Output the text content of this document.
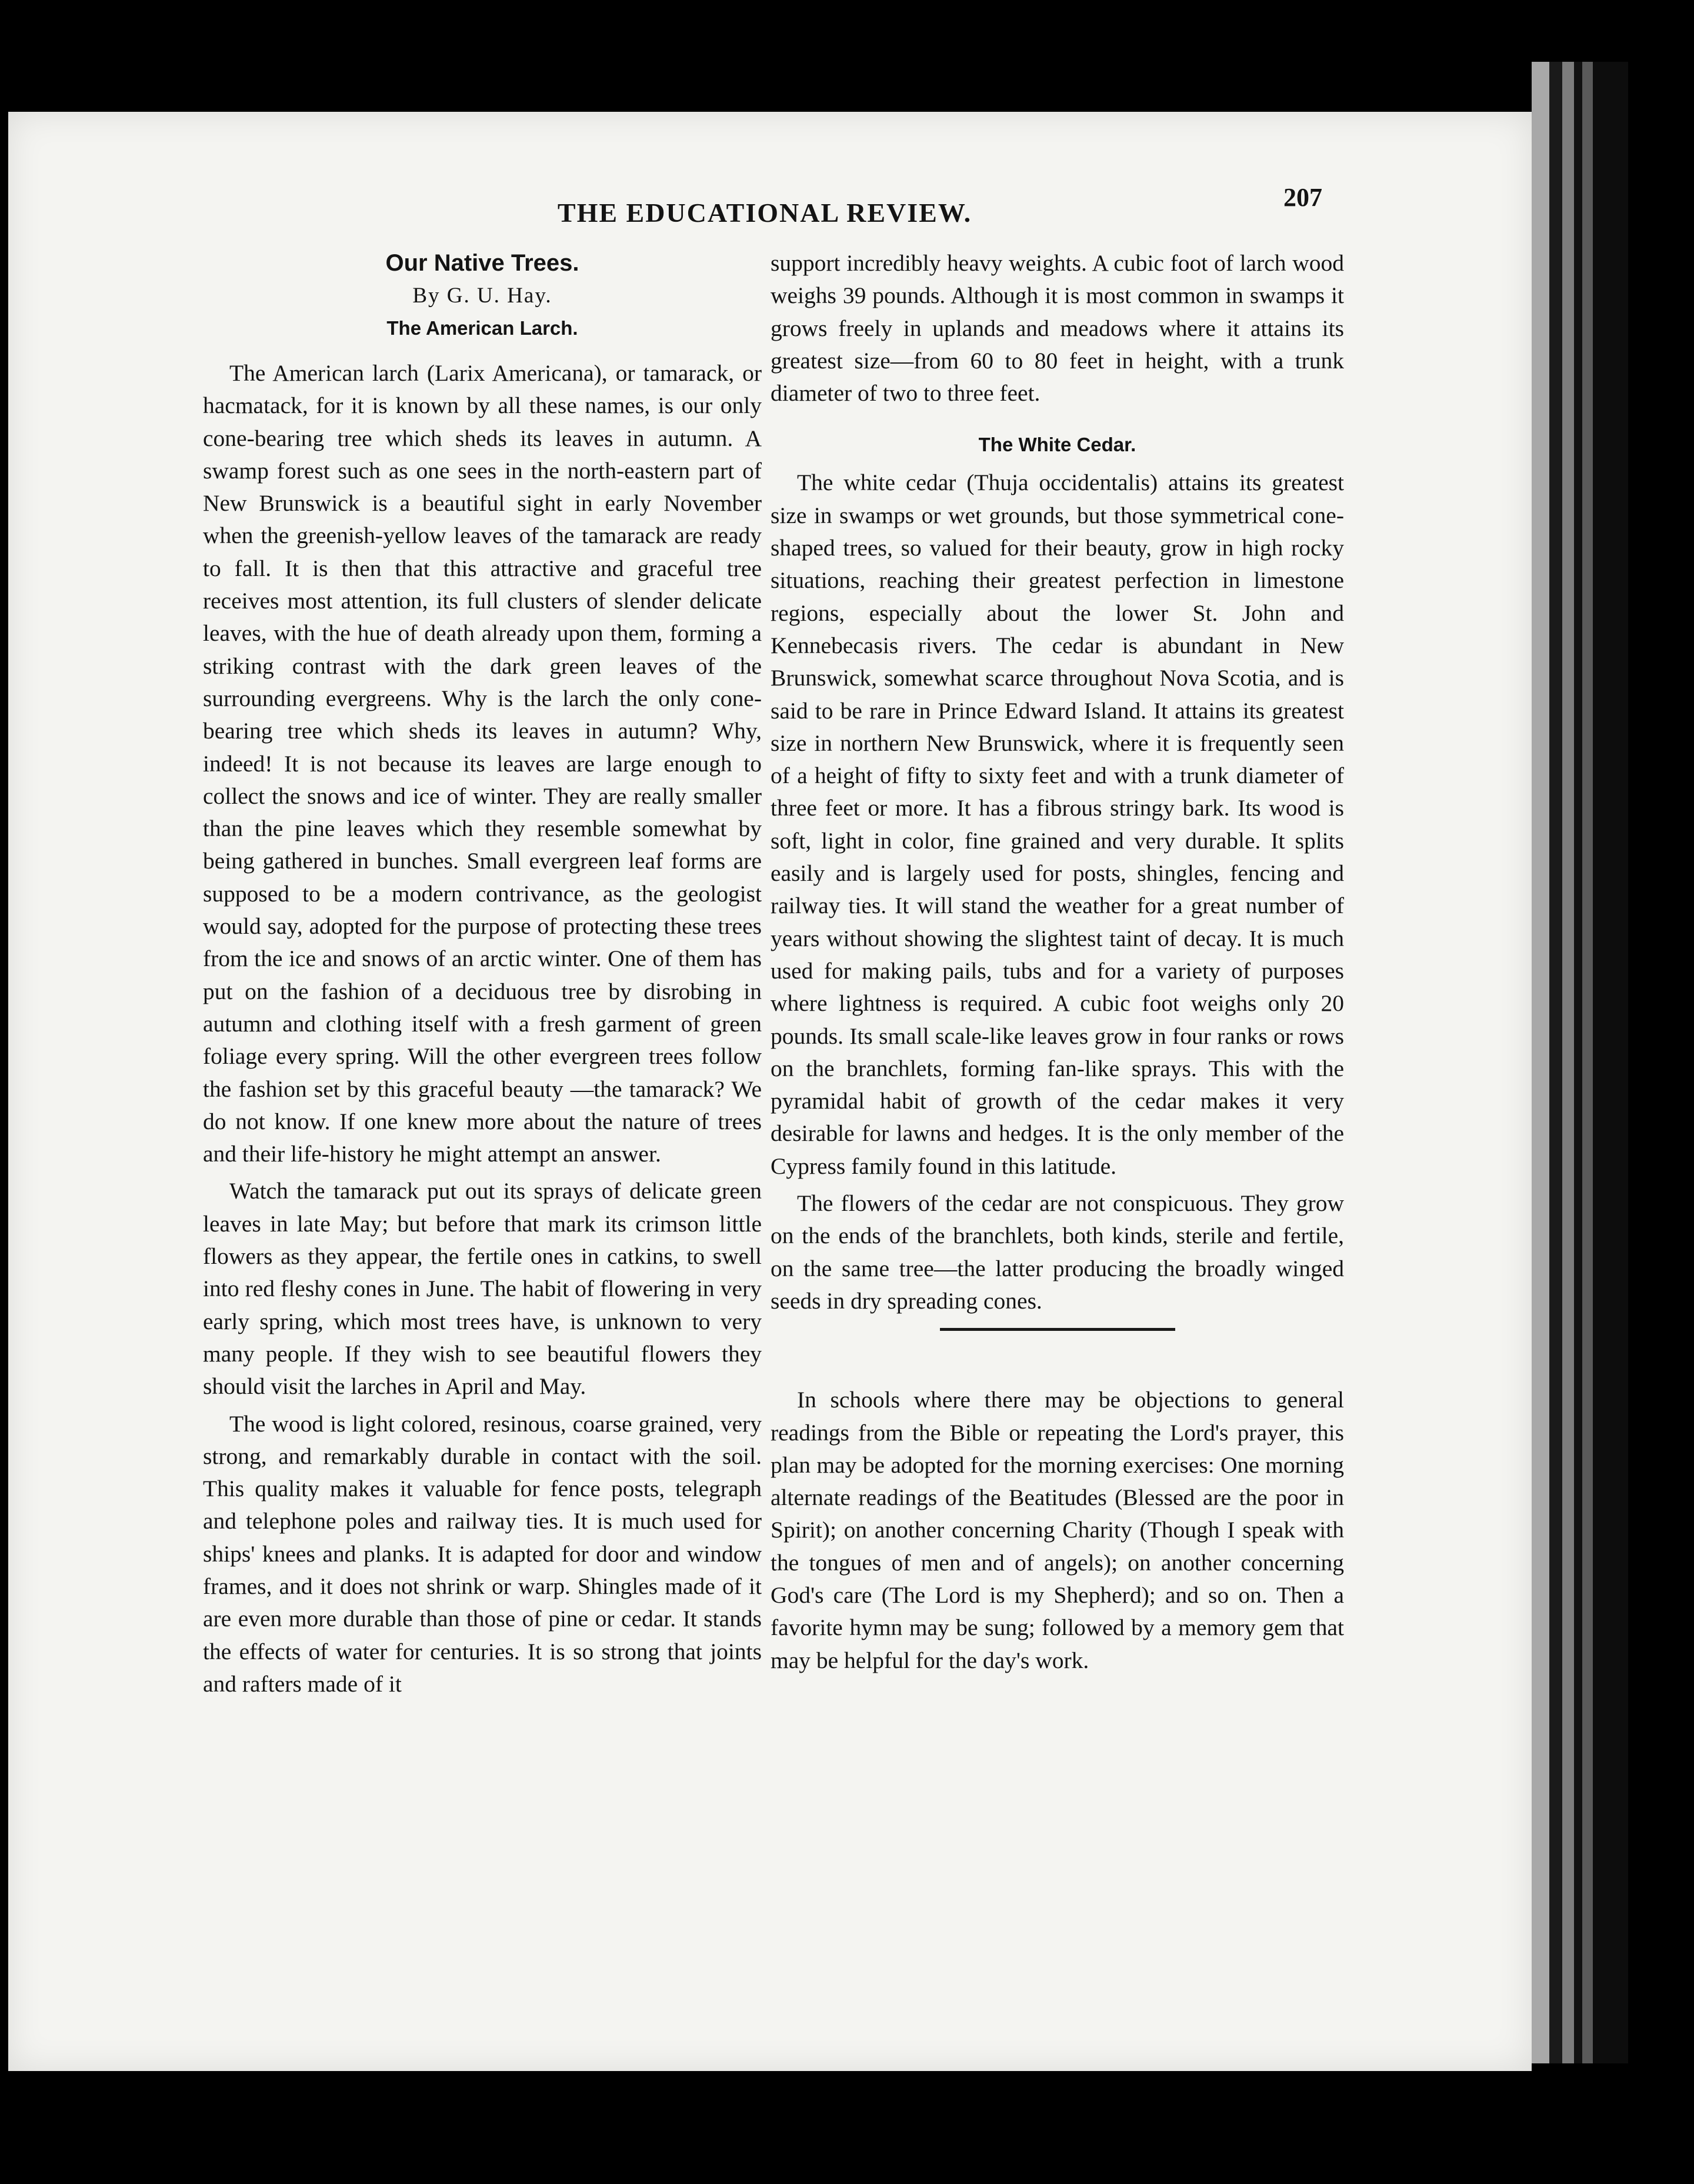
THE EDUCATIONAL REVIEW.
207
Our Native Trees.
By G. U. Hay.
The American Larch.

The American larch (Larix Americana), or tamarack, or hacmatack, for it is known by all these names, is our only cone-bearing tree which sheds its leaves in autumn. A swamp forest such as one sees in the north-eastern part of New Brunswick is a beautiful sight in early November when the greenish-yellow leaves of the tamarack are ready to fall. It is then that this attractive and graceful tree receives most attention, its full clusters of slender delicate leaves, with the hue of death already upon them, forming a striking contrast with the dark green leaves of the surrounding evergreens. Why is the larch the only cone-bearing tree which sheds its leaves in autumn? Why, indeed! It is not because its leaves are large enough to collect the snows and ice of winter. They are really smaller than the pine leaves which they resemble somewhat by being gathered in bunches. Small evergreen leaf forms are supposed to be a modern contrivance, as the geologist would say, adopted for the purpose of protecting these trees from the ice and snows of an arctic winter. One of them has put on the fashion of a deciduous tree by disrobing in autumn and clothing itself with a fresh garment of green foliage every spring. Will the other evergreen trees follow the fashion set by this graceful beauty —the tamarack? We do not know. If one knew more about the nature of trees and their life-history he might attempt an answer.

Watch the tamarack put out its sprays of delicate green leaves in late May; but before that mark its crimson little flowers as they appear, the fertile ones in catkins, to swell into red fleshy cones in June. The habit of flowering in very early spring, which most trees have, is unknown to very many people. If they wish to see beautiful flowers they should visit the larches in April and May.

The wood is light colored, resinous, coarse grained, very strong, and remarkably durable in contact with the soil. This quality makes it valuable for fence posts, telegraph and telephone poles and railway ties. It is much used for ships' knees and planks. It is adapted for door and window frames, and it does not shrink or warp. Shingles made of it are even more durable than those of pine or cedar. It stands the effects of water for centuries. It is so strong that joints and rafters made of it

support incredibly heavy weights. A cubic foot of larch wood weighs 39 pounds. Although it is most common in swamps it grows freely in uplands and meadows where it attains its greatest size—from 60 to 80 feet in height, with a trunk diameter of two to three feet.

The White Cedar.

The white cedar (Thuja occidentalis) attains its greatest size in swamps or wet grounds, but those symmetrical cone-shaped trees, so valued for their beauty, grow in high rocky situations, reaching their greatest perfection in limestone regions, especially about the lower St. John and Kennebecasis rivers. The cedar is abundant in New Brunswick, somewhat scarce throughout Nova Scotia, and is said to be rare in Prince Edward Island. It attains its greatest size in northern New Brunswick, where it is frequently seen of a height of fifty to sixty feet and with a trunk diameter of three feet or more. It has a fibrous stringy bark. Its wood is soft, light in color, fine grained and very durable. It splits easily and is largely used for posts, shingles, fencing and railway ties. It will stand the weather for a great number of years without showing the slightest taint of decay. It is much used for making pails, tubs and for a variety of purposes where lightness is required. A cubic foot weighs only 20 pounds. Its small scale-like leaves grow in four ranks or rows on the branchlets, forming fan-like sprays. This with the pyramidal habit of growth of the cedar makes it very desirable for lawns and hedges. It is the only member of the Cypress family found in this latitude.

The flowers of the cedar are not conspicuous. They grow on the ends of the branchlets, both kinds, sterile and fertile, on the same tree—the latter producing the broadly winged seeds in dry spreading cones.

In schools where there may be objections to general readings from the Bible or repeating the Lord's prayer, this plan may be adopted for the morning exercises: One morning alternate readings of the Beatitudes (Blessed are the poor in Spirit); on another concerning Charity (Though I speak with the tongues of men and of angels); on another concerning God's care (The Lord is my Shepherd); and so on. Then a favorite hymn may be sung; followed by a memory gem that may be helpful for the day's work.
